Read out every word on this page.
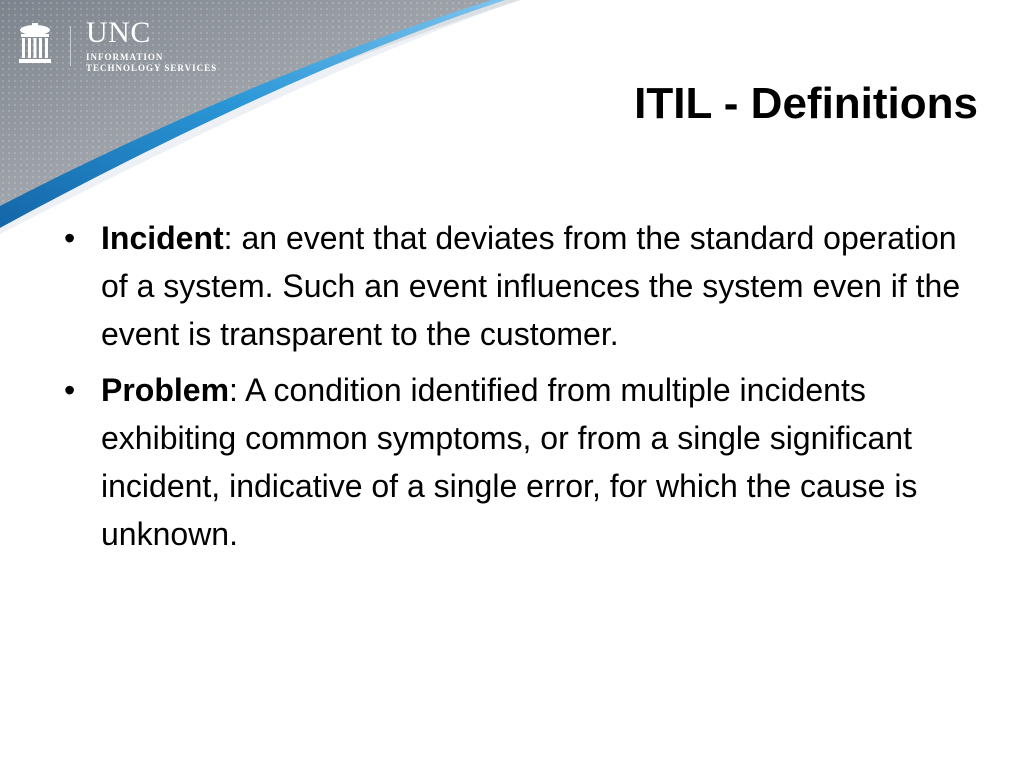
UNC
INFORMATION
TECHNOLOGY SERVICES
ITIL - Definitions
• Incident: an event that deviates from the standard operation of a system. Such an event influences the system even if the event is transparent to the customer.
• Problem: A condition identified from multiple incidents exhibiting common symptoms, or from a single significant incident, indicative of a single error, for which the cause is unknown.
